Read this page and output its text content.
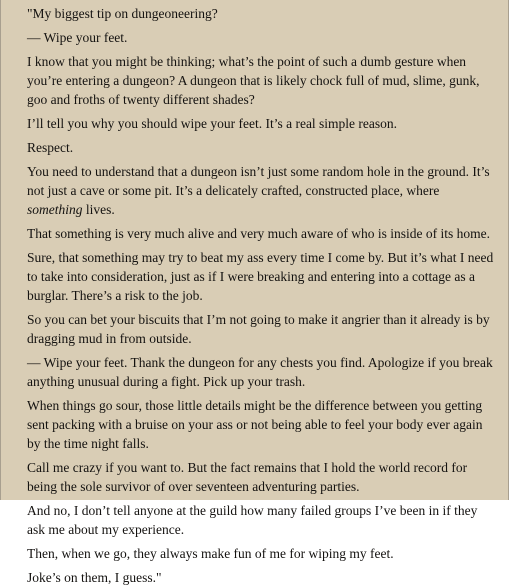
"My biggest tip on dungeoneering?

— Wipe your feet.

I know that you might be thinking; what’s the point of such a dumb gesture when you’re entering a dungeon? A dungeon that is likely chock full of mud, slime, gunk, goo and froths of twenty different shades?

I’ll tell you why you should wipe your feet. It’s a real simple reason.

Respect.

You need to understand that a dungeon isn’t just some random hole in the ground. It’s not just a cave or some pit. It’s a delicately crafted, constructed place, where something lives.

That something is very much alive and very much aware of who is inside of its home.

Sure, that something may try to beat my ass every time I come by. But it’s what I need to take into consideration, just as if I were breaking and entering into a cottage as a burglar. There’s a risk to the job.

So you can bet your biscuits that I’m not going to make it angrier than it already is by dragging mud in from outside.

— Wipe your feet. Thank the dungeon for any chests you find. Apologize if you break anything unusual during a fight. Pick up your trash.

When things go sour, those little details might be the difference between you getting sent packing with a bruise on your ass or not being able to feel your body ever again by the time night falls.

Call me crazy if you want to. But the fact remains that I hold the world record for being the sole survivor of over seventeen adventuring parties.

And no, I don’t tell anyone at the guild how many failed groups I’ve been in if they ask me about my experience.

Then, when we go, they always make fun of me for wiping my feet.

Joke’s on them, I guess."
